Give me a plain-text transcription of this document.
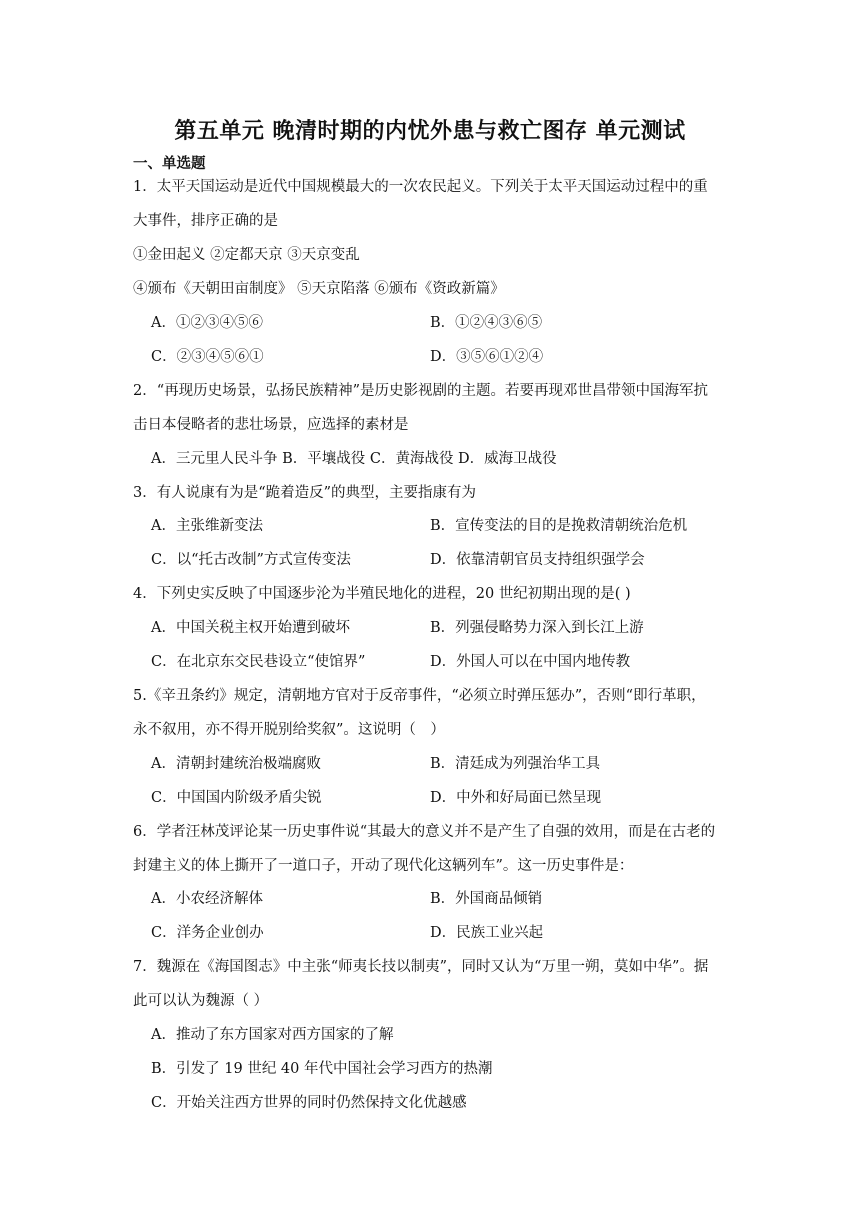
第五单元 晚清时期的内忧外患与救亡图存 单元测试
一、单选题
1．太平天国运动是近代中国规模最大的一次农民起义。下列关于太平天国运动过程中的重
大事件，排序正确的是
①金田起义 ②定都天京 ③天京变乱
④颁布《天朝田亩制度》 ⑤天京陷落 ⑥颁布《资政新篇》
A．①②③④⑤⑥	B．①②④③⑥⑤
C．②③④⑤⑥①	D．③⑤⑥①②④
2．“再现历史场景，弘扬民族精神”是历史影视剧的主题。若要再现邓世昌带领中国海军抗
击日本侵略者的悲壮场景，应选择的素材是
A．三元里人民斗争 B．平壤战役 C．黄海战役 D．威海卫战役
3．有人说康有为是“跪着造反”的典型，主要指康有为
A．主张维新变法	B．宣传变法的目的是挽救清朝统治危机
C．以“托古改制”方式宣传变法	D．依靠清朝官员支持组织强学会
4．下列史实反映了中国逐步沦为半殖民地化的进程，20 世纪初期出现的是( )
A．中国关税主权开始遭到破坏	B．列强侵略势力深入到长江上游
C．在北京东交民巷设立“使馆界”	D．外国人可以在中国内地传教
5.《辛丑条约》规定，清朝地方官对于反帝事件，“必须立时弹压惩办”，否则“即行革职，
永不叙用，亦不得开脱别给奖叙”。这说明（　）
A．清朝封建统治极端腐败	B．清廷成为列强治华工具
C．中国国内阶级矛盾尖锐	D．中外和好局面已然呈现
6．学者汪林茂评论某一历史事件说“其最大的意义并不是产生了自强的效用，而是在古老的
封建主义的体上撕开了一道口子，开动了现代化这辆列车”。这一历史事件是：
A．小农经济解体	B．外国商品倾销
C．洋务企业创办	D．民族工业兴起
7．魏源在《海国图志》中主张“师夷长技以制夷”，同时又认为“万里一朔，莫如中华”。据
此可以认为魏源（ ）
A．推动了东方国家对西方国家的了解
B．引发了 19 世纪 40 年代中国社会学习西方的热潮
C．开始关注西方世界的同时仍然保持文化优越感
